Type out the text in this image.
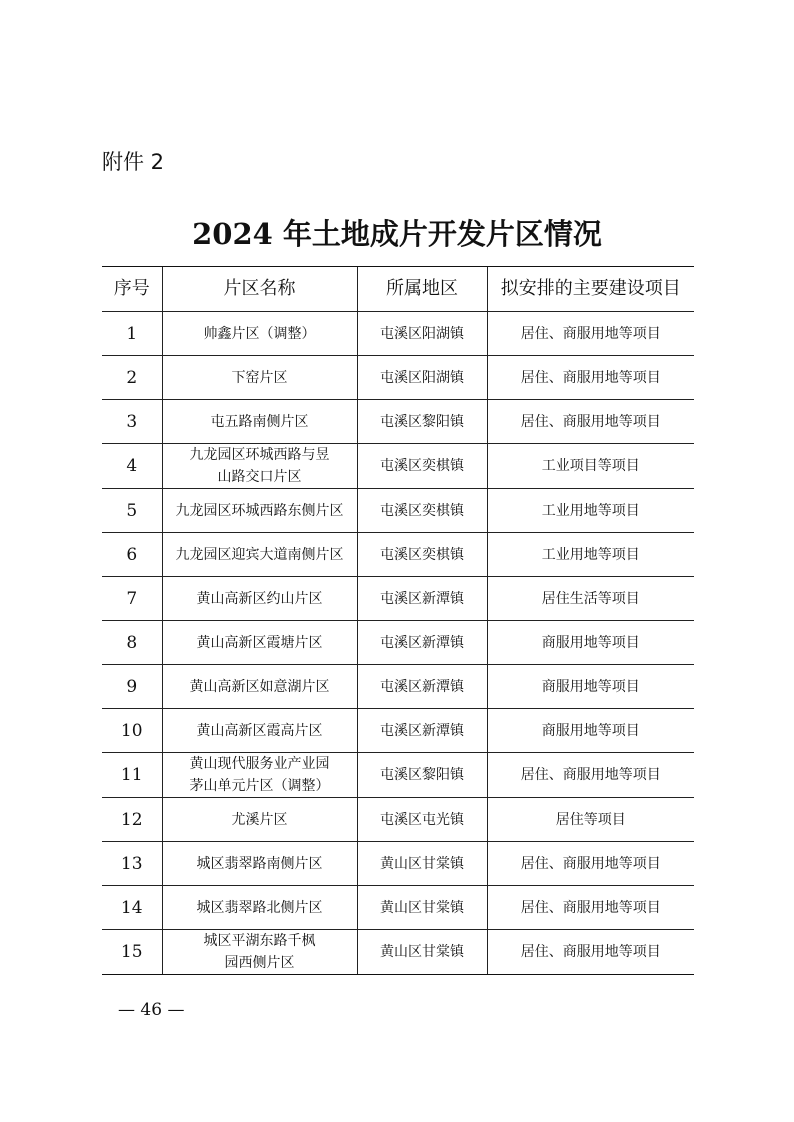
附件 2
2024 年土地成片开发片区情况
序号	片区名称	所属地区	拟安排的主要建设项目
1	帅鑫片区（调整）	屯溪区阳湖镇	居住、商服用地等项目
2	下窑片区	屯溪区阳湖镇	居住、商服用地等项目
3	屯五路南侧片区	屯溪区黎阳镇	居住、商服用地等项目
4	九龙园区环城西路与昱
山路交口片区	屯溪区奕棋镇	工业项目等项目
5	九龙园区环城西路东侧片区	屯溪区奕棋镇	工业用地等项目
6	九龙园区迎宾大道南侧片区	屯溪区奕棋镇	工业用地等项目
7	黄山高新区约山片区	屯溪区新潭镇	居住生活等项目
8	黄山高新区霞塘片区	屯溪区新潭镇	商服用地等项目
9	黄山高新区如意湖片区	屯溪区新潭镇	商服用地等项目
10	黄山高新区霞高片区	屯溪区新潭镇	商服用地等项目
11	黄山现代服务业产业园
茅山单元片区（调整）	屯溪区黎阳镇	居住、商服用地等项目
12	尤溪片区	屯溪区屯光镇	居住等项目
13	城区翡翠路南侧片区	黄山区甘棠镇	居住、商服用地等项目
14	城区翡翠路北侧片区	黄山区甘棠镇	居住、商服用地等项目
15	城区平湖东路千枫
园西侧片区	黄山区甘棠镇	居住、商服用地等项目
— 46 —
